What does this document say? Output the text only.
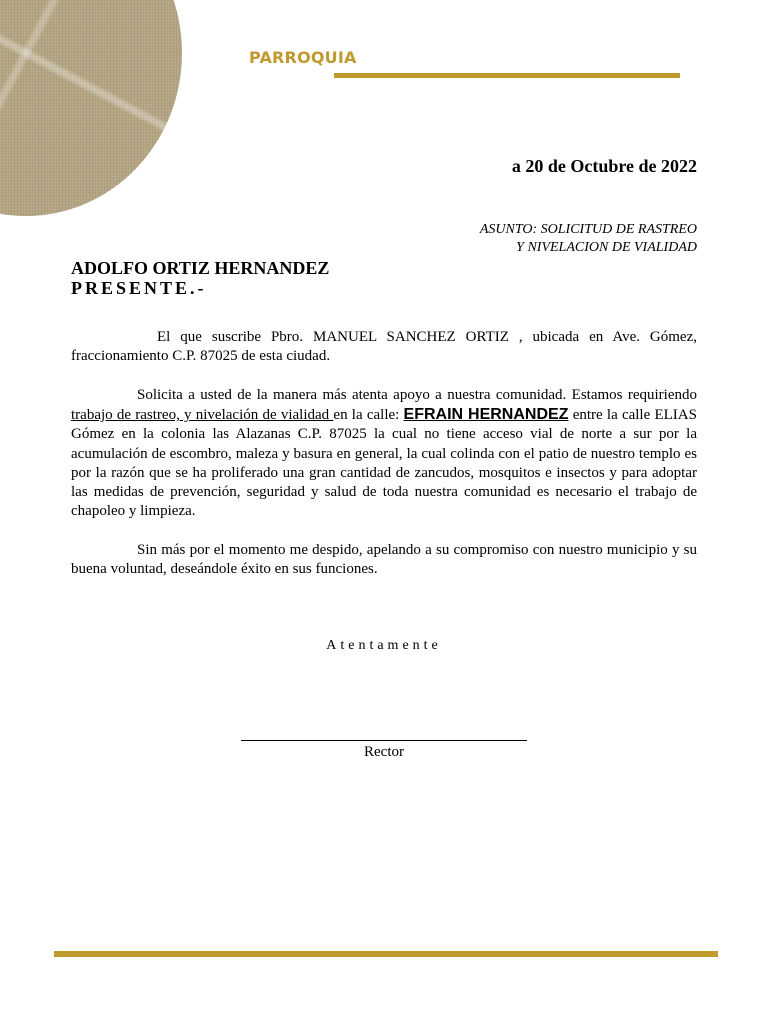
PARROQUIA
a 20 de Octubre de 2022
ASUNTO: SOLICITUD DE RASTREO
Y NIVELACION DE VIALIDAD
ADOLFO ORTIZ HERNANDEZ
PRESENTE.-
El que suscribe Pbro. MANUEL SANCHEZ ORTIZ , ubicada en Ave. Gómez, fraccionamiento C.P. 87025 de esta ciudad.
Solicita a usted de la manera más atenta apoyo a nuestra comunidad. Estamos requiriendo trabajo de rastreo, y nivelación de vialidad en la calle: EFRAIN HERNANDEZ entre la calle ELIAS Gómez en la colonia las Alazanas C.P. 87025 la cual no tiene acceso vial de norte a sur por la acumulación de escombro, maleza y basura en general, la cual colinda con el patio de nuestro templo es por la razón que se ha proliferado una gran cantidad de zancudos, mosquitos e insectos y para adoptar las medidas de prevención, seguridad y salud de toda nuestra comunidad es necesario el trabajo de chapoleo y limpieza.
Sin más por el momento me despido, apelando a su compromiso con nuestro municipio y su buena voluntad, deseándole éxito en sus funciones.
Atentamente
Rector
